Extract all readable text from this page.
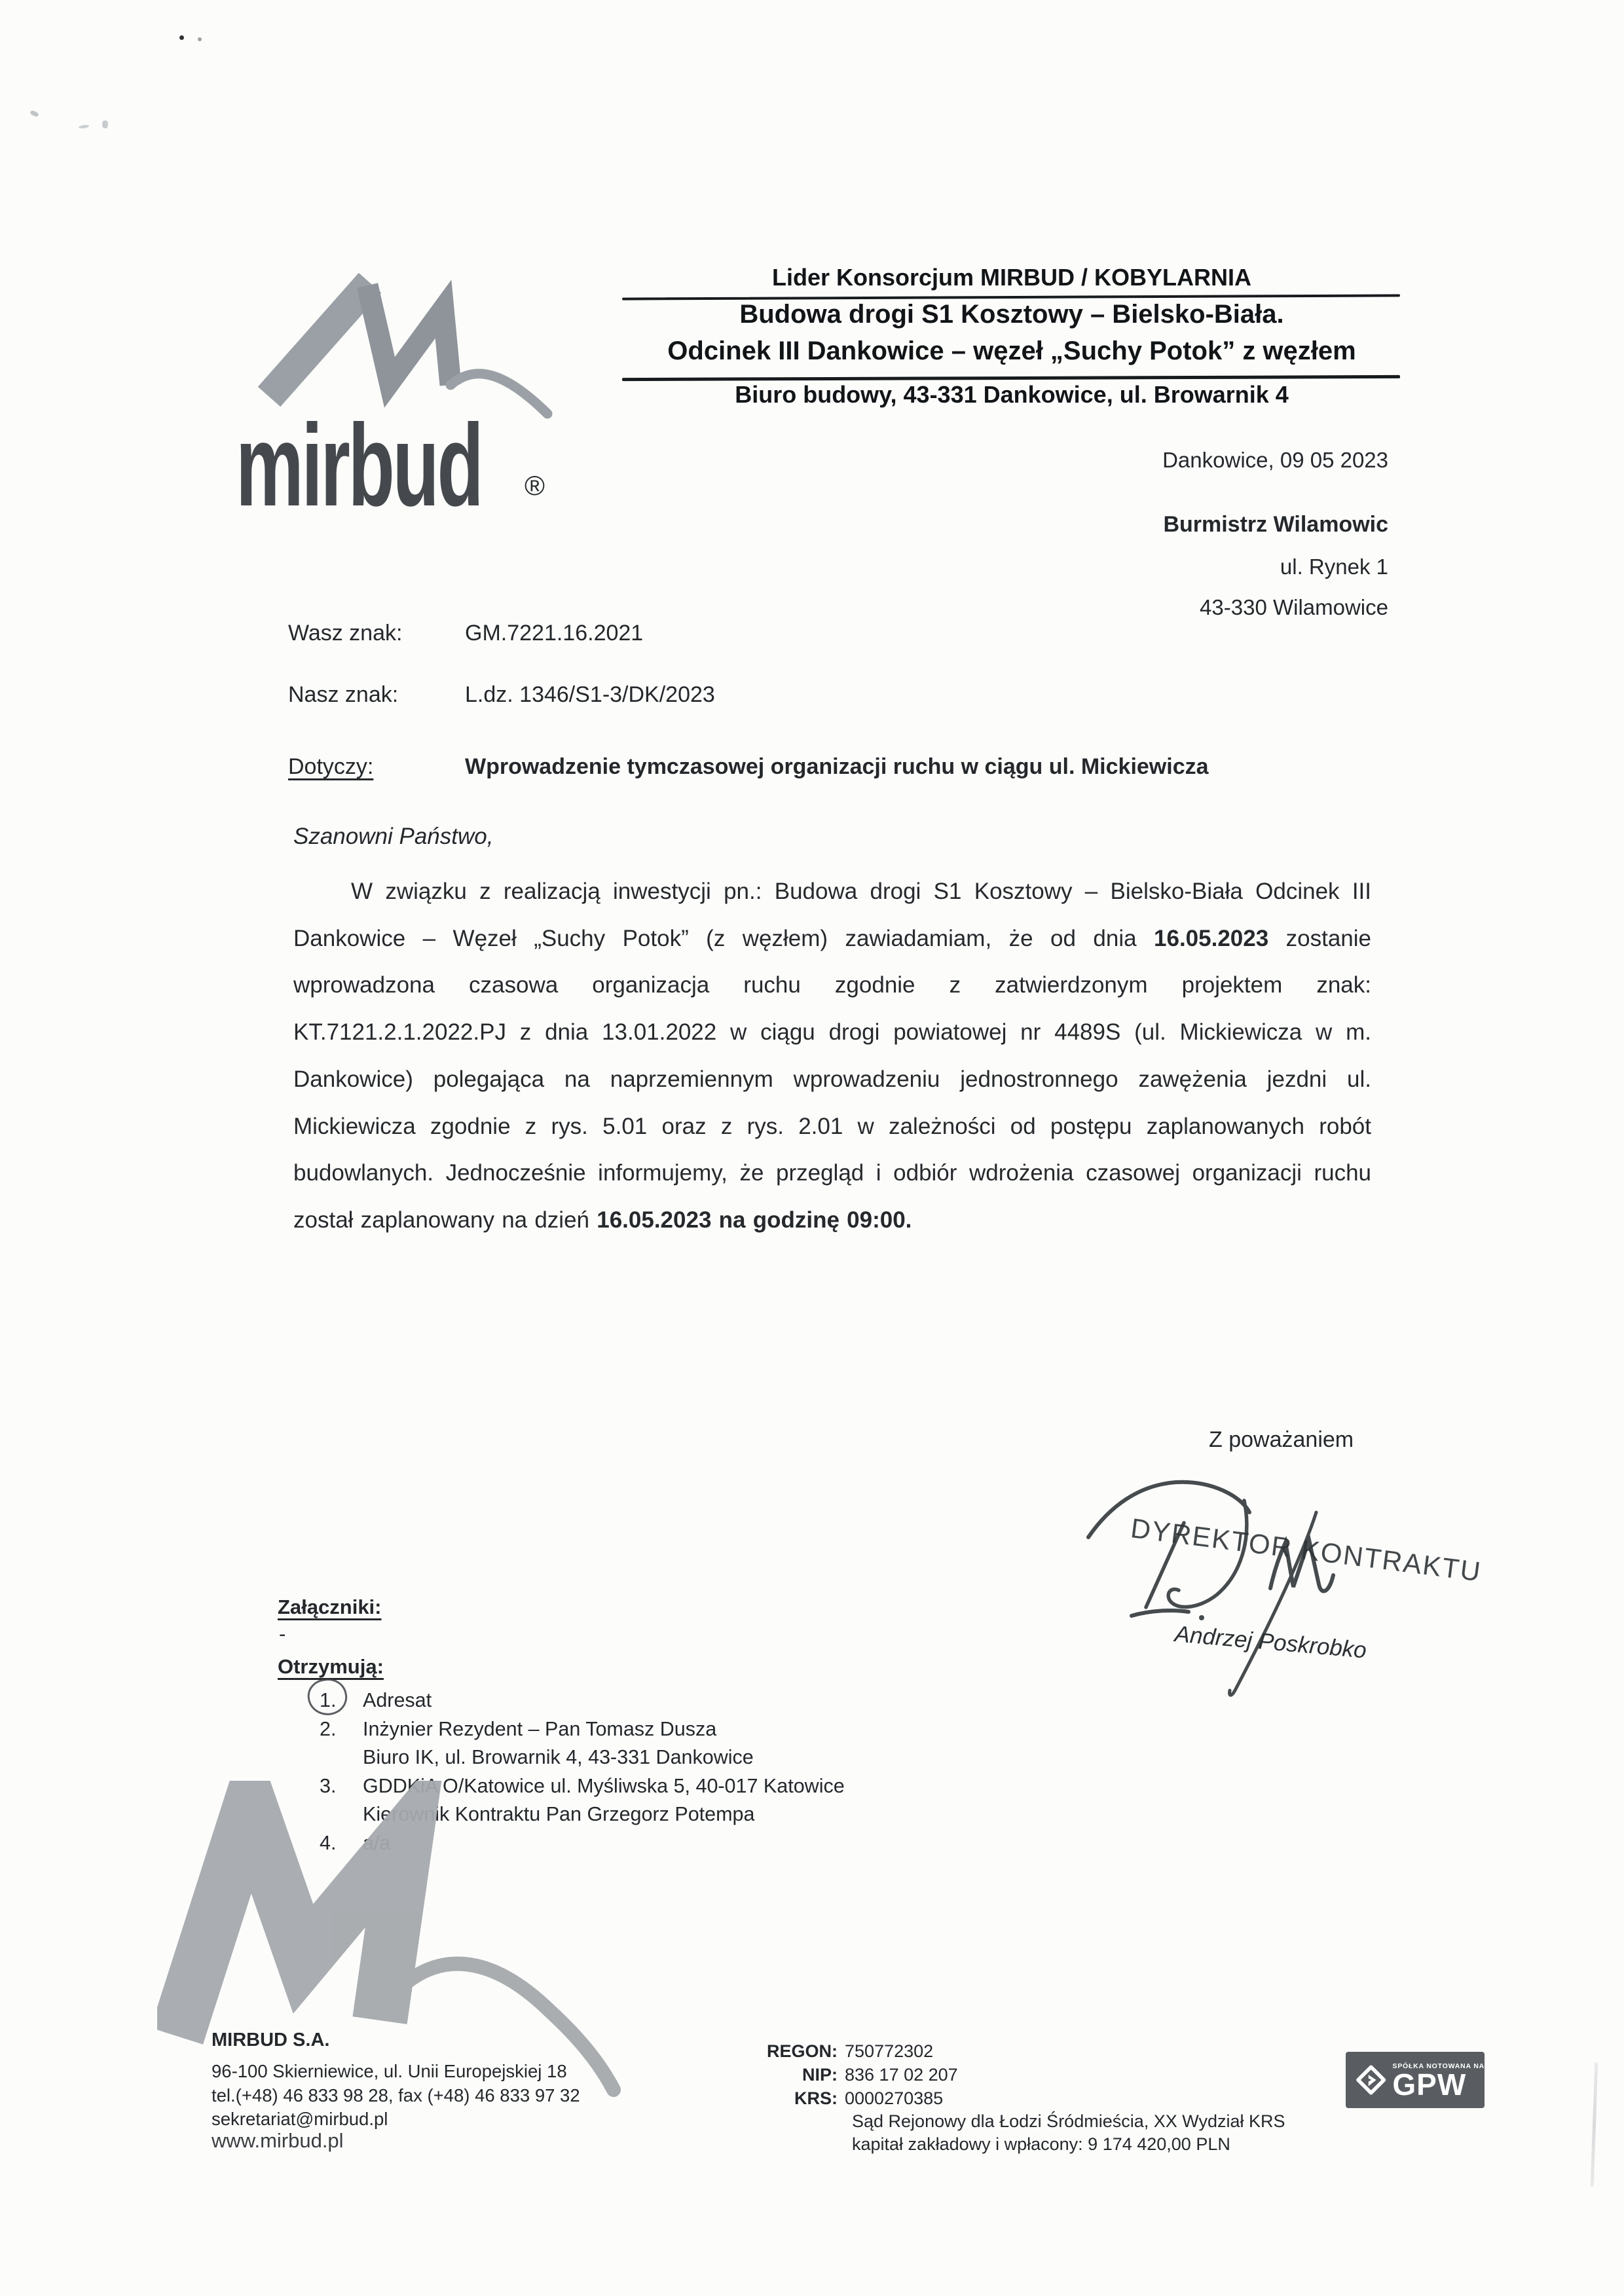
mirbud ®
Lider Konsorcjum MIRBUD / KOBYLARNIA
Budowa drogi S1 Kosztowy – Bielsko-Biała.
Odcinek III Dankowice – węzeł „Suchy Potok” z węzłem
Biuro budowy, 43-331 Dankowice, ul. Browarnik 4
Dankowice, 09 05 2023
Burmistrz Wilamowic
ul. Rynek 1
43-330 Wilamowice
Wasz znak:	GM.7221.16.2021
Nasz znak:	L.dz. 1346/S1-3/DK/2023
Dotyczy:	Wprowadzenie tymczasowej organizacji ruchu w ciągu ul. Mickiewicza
Szanowni Państwo,

W związku z realizacją inwestycji pn.: Budowa drogi S1 Kosztowy – Bielsko-Biała Odcinek III Dankowice – Węzeł „Suchy Potok” (z węzłem) zawiadamiam, że od dnia 16.05.2023 zostanie wprowadzona czasowa organizacja ruchu zgodnie z zatwierdzonym projektem znak: KT.7121.2.1.2022.PJ z dnia 13.01.2022 w ciągu drogi powiatowej nr 4489S (ul. Mickiewicza w m. Dankowice) polegająca na naprzemiennym wprowadzeniu jednostronnego zawężenia jezdni ul. Mickiewicza zgodnie z rys. 5.01 oraz z rys. 2.01 w zależności od postępu zaplanowanych robót budowlanych. Jednocześnie informujemy, że przegląd i odbiór wdrożenia czasowej organizacji ruchu został zaplanowany na dzień 16.05.2023 na godzinę 09:00.

Z poważaniem
DYREKTOR KONTRAKTU
Andrzej Poskrobko
Załączniki:
-
Otrzymują:
1.	Adresat
2.	Inżynier Rezydent – Pan Tomasz Dusza
Biuro IK, ul. Browarnik 4, 43-331 Dankowice
3.	GDDKiA O/Katowice ul. Myśliwska 5, 40-017 Katowice
Kierownik Kontraktu Pan Grzegorz Potempa
4.	a/a
MIRBUD S.A.
96-100 Skierniewice, ul. Unii Europejskiej 18
tel.(+48) 46 833 98 28, fax (+48) 46 833 97 32
sekretariat@mirbud.pl
www.mirbud.pl
REGON: 750772302
NIP: 836 17 02 207
KRS: 0000270385
Sąd Rejonowy dla Łodzi Śródmieścia, XX Wydział KRS
kapitał zakładowy i wpłacony: 9 174 420,00 PLN
SPÓŁKA NOTOWANA NA
GPW
